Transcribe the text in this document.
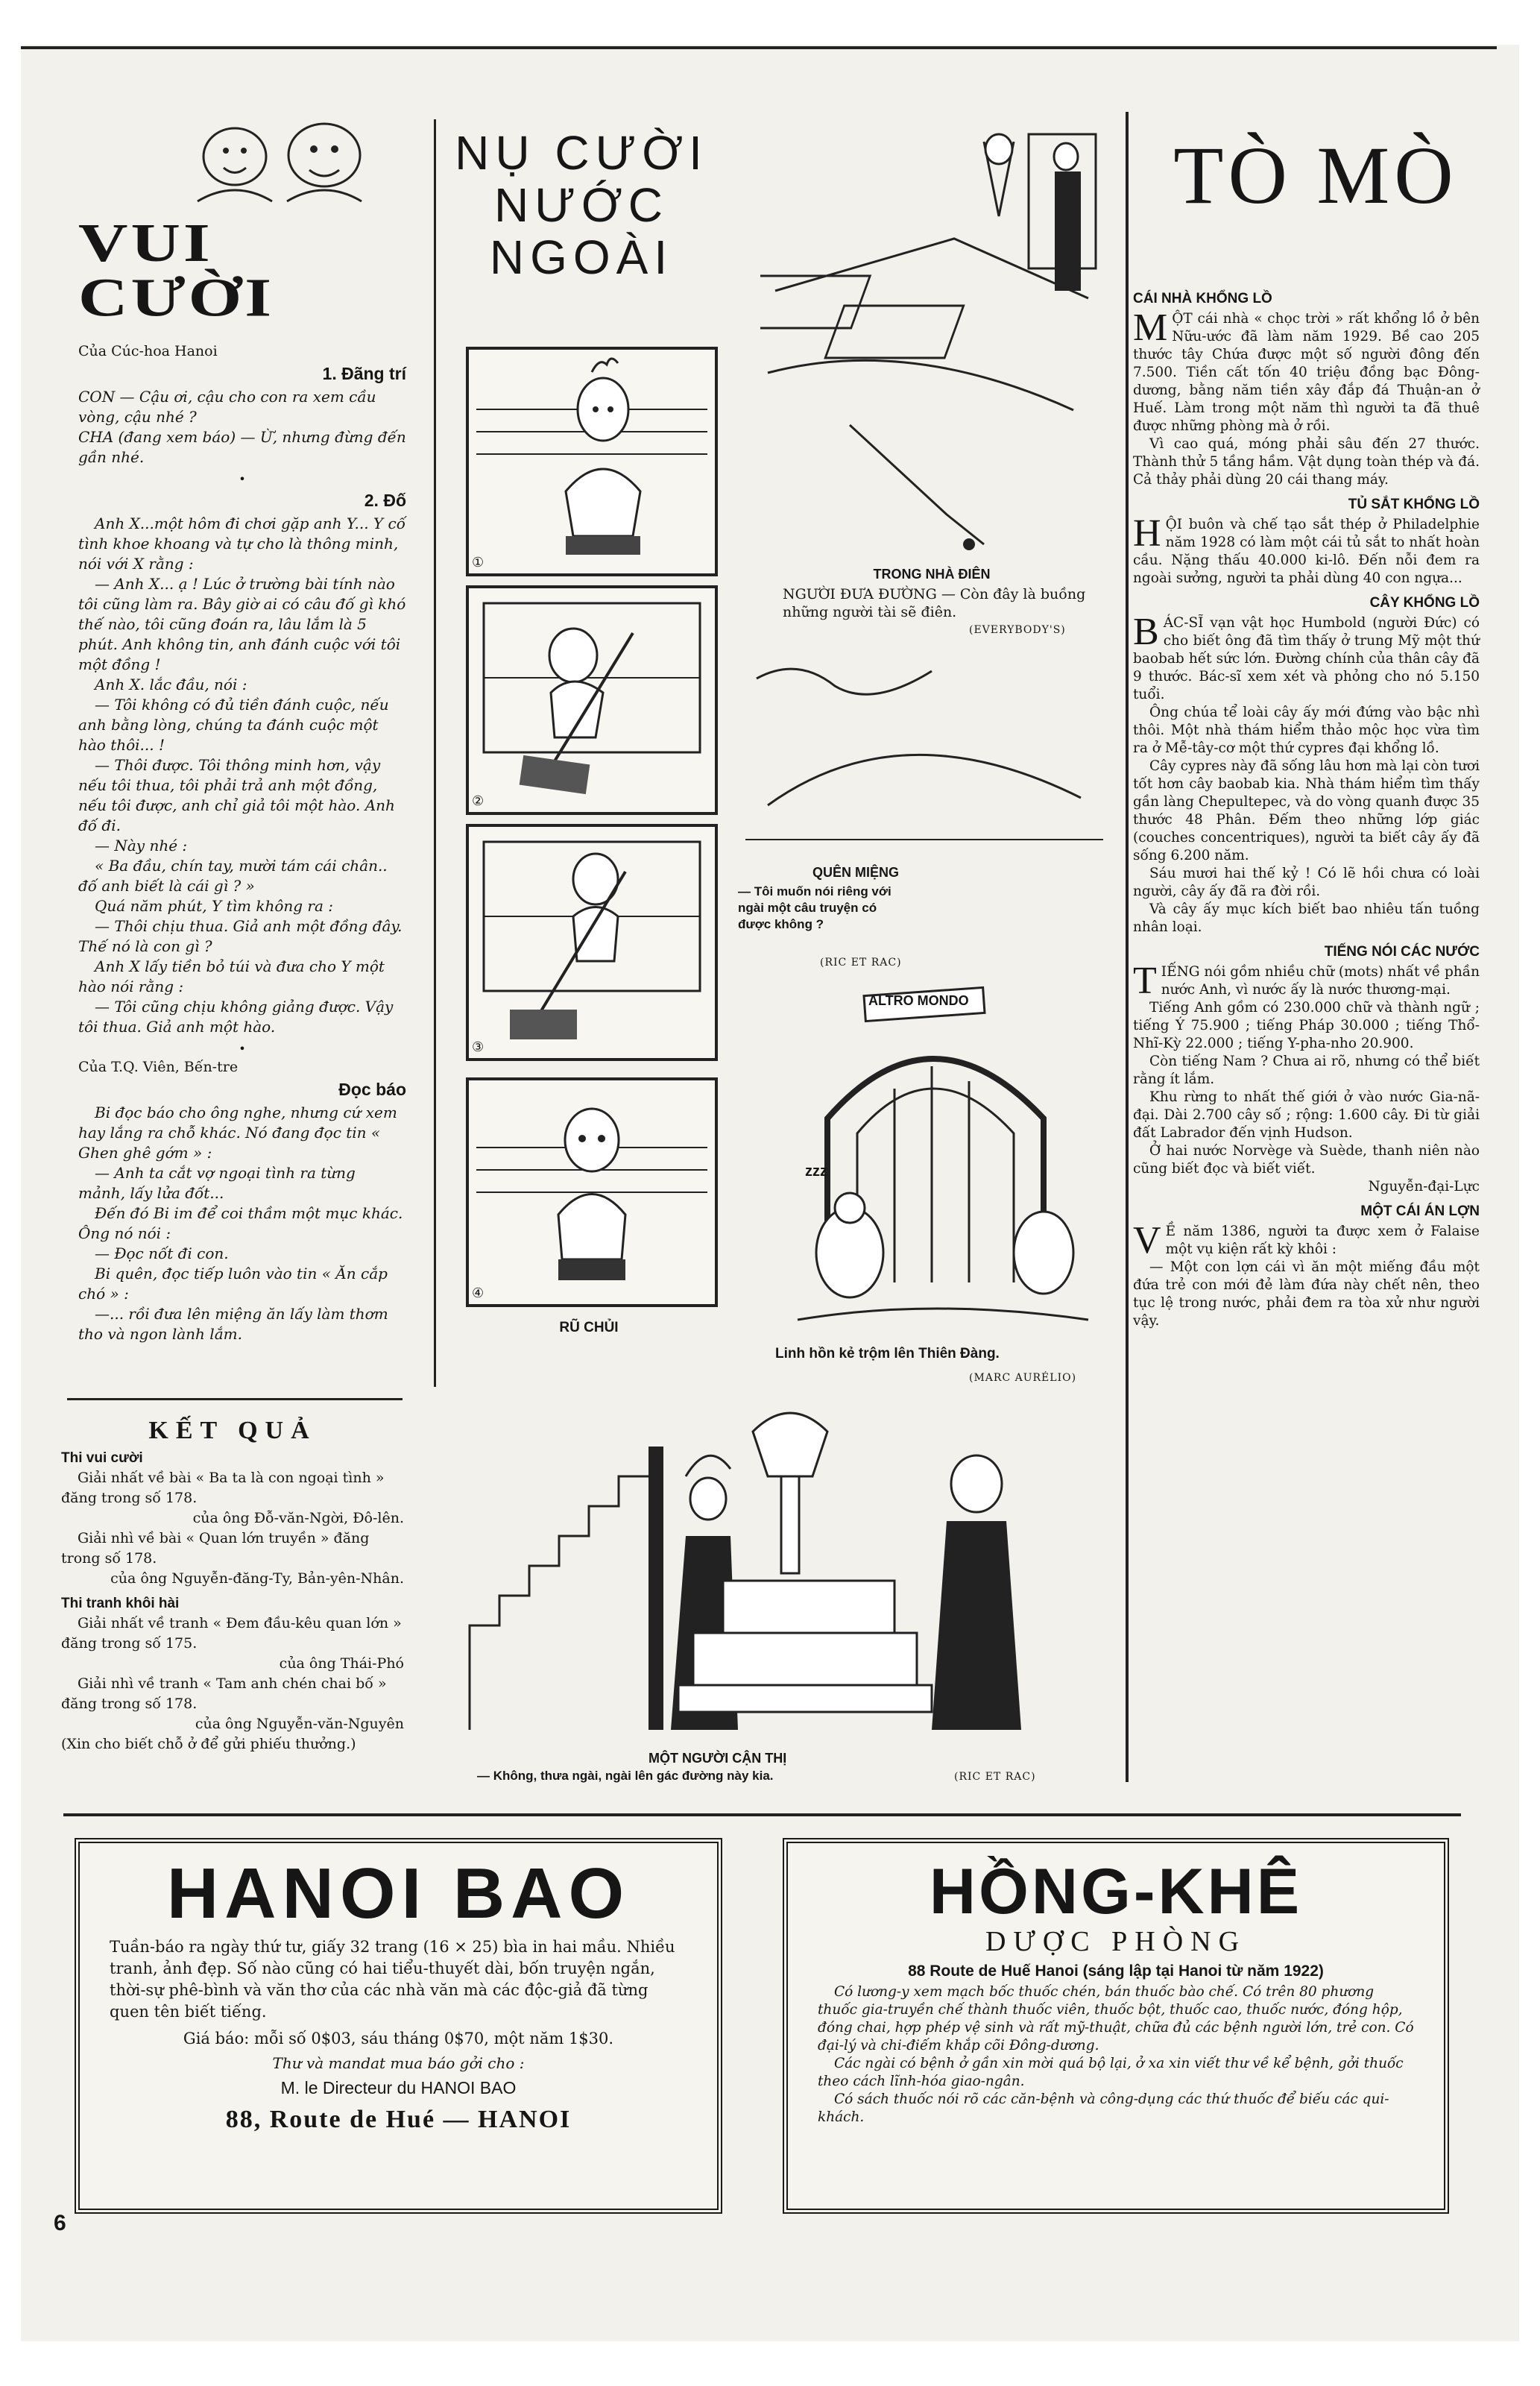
VUI CƯỜI

Của Cúc-hoa Hanoi

1. Đãng trí

CON — Cậu ơi, cậu cho con ra xem cầu vòng, cậu nhé ?

CHA (đang xem báo) — Ừ, nhưng đừng đến gần nhé.

•

2. Đố

Anh X...một hôm đi chơi gặp anh Y... Y cố tình khoe khoang và tự cho là thông minh, nói với X rằng :

— Anh X... ạ ! Lúc ở trường bài tính nào tôi cũng làm ra. Bây giờ ai có câu đố gì khó thế nào, tôi cũng đoán ra, lâu lắm là 5 phút. Anh không tin, anh đánh cuộc với tôi một đồng !

Anh X. lắc đầu, nói :

— Tôi không có đủ tiền đánh cuộc, nếu anh bằng lòng, chúng ta đánh cuộc một hào thôi... !

— Thôi được. Tôi thông minh hơn, vậy nếu tôi thua, tôi phải trả anh một đồng, nếu tôi được, anh chỉ giả tôi một hào. Anh đố đi.

— Này nhé :

« Ba đầu, chín tay, mười tám cái chân.. đố anh biết là cái gì ? »

Quá năm phút, Y tìm không ra :

— Thôi chịu thua. Giả anh một đồng đây. Thế nó là con gì ?

Anh X lấy tiền bỏ túi và đưa cho Y một hào nói rằng :

— Tôi cũng chịu không giảng được. Vậy tôi thua. Giả anh một hào.

•

Của T.Q. Viên, Bến-tre

Đọc báo

Bi đọc báo cho ông nghe, nhưng cứ xem hay lắng ra chỗ khác. Nó đang đọc tin « Ghen ghê gớm » :

— Anh ta cắt vợ ngoại tình ra từng mảnh, lấy lửa đốt...

Đến đó Bi im để coi thầm một mục khác. Ông nó nói :

— Đọc nốt đi con.

Bi quên, đọc tiếp luôn vào tin « Ăn cắp chó » :

—... rồi đưa lên miệng ăn lấy làm thơm tho và ngon lành lắm.

KẾT QUẢ

Thi vui cười

Giải nhất về bài « Ba ta là con ngoại tình » đăng trong số 178.

của ông Đỗ-văn-Ngời, Đô-lên.

Giải nhì về bài « Quan lớn truyền » đăng trong số 178.

của ông Nguyễn-đăng-Ty, Bản-yên-Nhân.

Thi tranh khôi hài

Giải nhất về tranh « Đem đầu-kêu quan lớn » đăng trong số 175.

của ông Thái-Phó

Giải nhì về tranh « Tam anh chén chai bố » đăng trong số 178.

của ông Nguyễn-văn-Nguyên

(Xin cho biết chỗ ở để gửi phiếu thưởng.)

NỤ CƯỜI
NƯỚC
NGOÀI
①
②
③
④
RŨ CHỦI
TRONG NHÀ ĐIÊN
NGƯỜI ĐƯA ĐƯỜNG — Còn đây là buồng những người tài sẽ điên.
(EVERYBODY'S)
QUÊN MIỆNG
— Tôi muốn nói riêng với ngài một câu truyện có được không ?
(RIC ET RAC)
ALTRO MONDO
zzz
Linh hồn kẻ trộm lên Thiên Đàng.
(MARC AURÉLIO)
MỘT NGƯỜI CẬN THỊ
— Không, thưa ngài, ngài lên gác đường này kia.	(RIC ET RAC)
TÒ MÒ

CÁI NHÀ KHỔNG LỒ

MỘT cái nhà « chọc trời » rất khổng lồ ở bên Nữu-ước đã làm năm 1929. Bề cao 205 thước tây Chứa được một số người đông đến 7.500. Tiền cất tốn 40 triệu đồng bạc Đông-dương, bằng năm tiền xây đắp đá Thuận-an ở Huế. Làm trong một năm thì người ta đã thuê được những phòng mà ở rồi.

Vì cao quá, móng phải sâu đến 27 thước. Thành thử 5 tầng hầm. Vật dụng toàn thép và đá. Cả thảy phải dùng 20 cái thang máy.

TỦ SẮT KHỔNG LỒ

HỘI buôn và chế tạo sắt thép ở Philadelphie năm 1928 có làm một cái tủ sắt to nhất hoàn cầu. Nặng thấu 40.000 ki-lô. Đến nỗi đem ra ngoài sưởng, người ta phải dùng 40 con ngựa...

CÂY KHỔNG LỒ

BÁC-SĨ vạn vật học Humbold (người Đức) có cho biết ông đã tìm thấy ở trung Mỹ một thứ baobab hết sức lớn. Đường chính của thân cây đã 9 thước. Bác-sĩ xem xét và phỏng cho nó 5.150 tuổi.

Ông chúa tể loài cây ấy mới đứng vào bậc nhì thôi. Một nhà thám hiểm thảo mộc học vừa tìm ra ở Mễ-tây-cơ một thứ cypres đại khổng lồ.

Cây cypres này đã sống lâu hơn mà lại còn tươi tốt hơn cây baobab kia. Nhà thám hiểm tìm thấy gần làng Chepultepec, và do vòng quanh được 35 thước 48 Phân. Đếm theo những lớp giác (couches concentriques), người ta biết cây ấy đã sống 6.200 năm.

Sáu mươi hai thế kỷ ! Có lẽ hồi chưa có loài người, cây ấy đã ra đời rồi.

Và cây ấy mục kích biết bao nhiêu tấn tuồng nhân loại.

TIẾNG NÓI CÁC NƯỚC

TIẾNG nói gồm nhiều chữ (mots) nhất về phần nước Anh, vì nước ấy là nước thương-mại.

Tiếng Anh gồm có 230.000 chữ và thành ngữ ; tiếng Ý 75.900 ; tiếng Pháp 30.000 ; tiếng Thổ-Nhĩ-Kỳ 22.000 ; tiếng Y-pha-nho 20.900.

Còn tiếng Nam ? Chưa ai rõ, nhưng có thể biết rằng ít lắm.

Khu rừng to nhất thế giới ở vào nước Gia-nã-đại. Dài 2.700 cây số ; rộng: 1.600 cây. Đi từ giải đất Labrador đến vịnh Hudson.

Ở hai nước Norvège và Suède, thanh niên nào cũng biết đọc và biết viết.

Nguyễn-đại-Lực

MỘT CÁI ÁN LỢN

V Ề năm 1386, người ta được xem ở Falaise một vụ kiện rất kỳ khôi :

— Một con lợn cái vì ăn một miếng đầu một đứa trẻ con mới đẻ làm đứa này chết nên, theo tục lệ trong nước, phải đem ra tòa xử như người vậy.

HANOI BAO

Tuần-báo ra ngày thứ tư, giấy 32 trang (16 × 25) bìa in hai mầu. Nhiều tranh, ảnh đẹp. Số nào cũng có hai tiểu-thuyết dài, bốn truyện ngắn, thời-sự phê-bình và văn thơ của các nhà văn mà các độc-giả đã từng quen tên biết tiếng.

Giá báo: mỗi số 0$03, sáu tháng 0$70, một năm 1$30.

Thư và mandat mua báo gởi cho :

M. le Directeur du HANOI BAO

88, Route de Hué — HANOI

HỒNG-KHÊ
DƯỢC PHÒNG

88 Route de Huế Hanoi (sáng lập tại Hanoi từ năm 1922)

Có lương-y xem mạch bốc thuốc chén, bán thuốc bào chế. Có trên 80 phương thuốc gia-truyền chế thành thuốc viên, thuốc bột, thuốc cao, thuốc nước, đóng hộp, đóng chai, hợp phép vệ sinh và rất mỹ-thuật, chữa đủ các bệnh người lớn, trẻ con. Có đại-lý và chi-điếm khắp cõi Đông-dương.

Các ngài có bệnh ở gần xin mời quá bộ lại, ở xa xin viết thư về kể bệnh, gởi thuốc theo cách lĩnh-hóa giao-ngân.

Có sách thuốc nói rõ các căn-bệnh và công-dụng các thứ thuốc để biếu các qui-khách.

6
